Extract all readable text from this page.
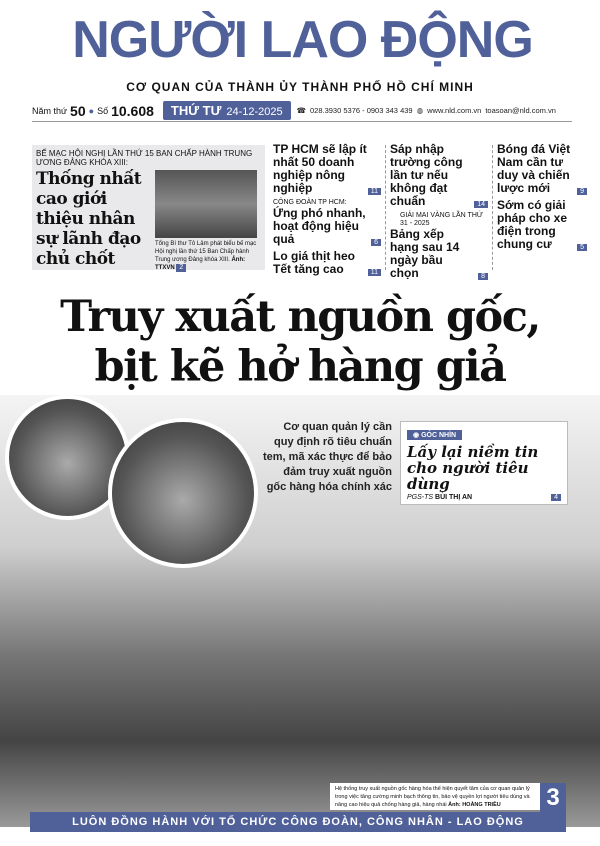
NGƯỜI LAO ĐỘNG
CƠ QUAN CỦA THÀNH ỦY THÀNH PHỐ HỒ CHÍ MINH
Năm thứ 50 ● Số 10.608	THỨ TƯ 24-12-2025	☎ 028.3930 5376 - 0903 343 439 ◍ www.nld.com.vn toasoan@nld.com.vn
BẾ MẠC HỘI NGHỊ LẦN THỨ 15 BAN CHẤP HÀNH TRUNG ƯƠNG ĐẢNG KHÓA XIII:
Thống nhất cao giới thiệu nhân sự lãnh đạo chủ chốt
Tổng Bí thư Tô Lâm phát biểu bế mạc Hội nghị lần thứ 15 Ban Chấp hành Trung ương Đảng khóa XIII. Ảnh: TTXVN 2
TP HCM sẽ lập ít nhất 50 doanh nghiệp nông nghiệp	11
CÔNG ĐOÀN TP HCM:
Ứng phó nhanh, hoạt động hiệu quả	6
Lo giá thịt heo Tết tăng cao	11
Sáp nhập trường công lần tư nếu không đạt chuẩn	14
GIẢI MAI VÀNG LẦN THỨ 31 - 2025
Bảng xếp hạng sau 14 ngày bầu chọn	8
Bóng đá Việt Nam cần tư duy và chiến lược mới	9
Sớm có giải pháp cho xe điện trong chung cư	5
Truy xuất nguồn gốc,
bịt kẽ hở hàng giả
Cơ quan quản lý cần quy định rõ tiêu chuẩn tem, mã xác thực để bảo đảm truy xuất nguồn gốc hàng hóa chính xác
◉ GÓC NHÌN
Lấy lại niềm tin cho người tiêu dùng
PGS-TS BÙI THỊ AN	4
Hệ thống truy xuất nguồn gốc hàng hóa thể hiện quyết tâm của cơ quan quản lý trong việc tăng cường minh bạch thông tin, bảo vệ quyền lợi người tiêu dùng và nâng cao hiệu quả chống hàng giả, hàng nhái Ảnh: HOÀNG TRIỀU	3
LUÔN ĐỒNG HÀNH VỚI TỔ CHỨC CÔNG ĐOÀN, CÔNG NHÂN - LAO ĐỘNG
